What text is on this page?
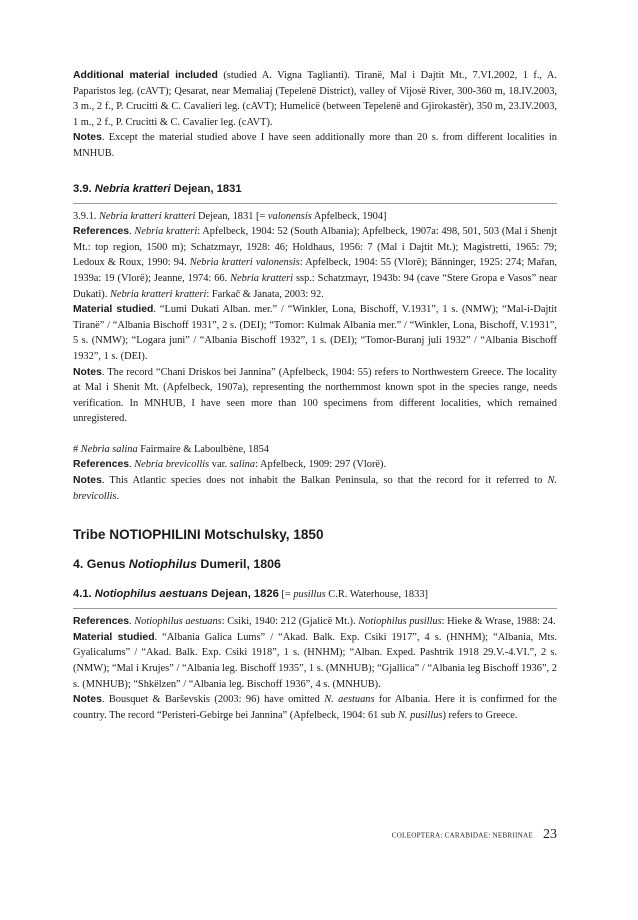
Additional material included (studied A. Vigna Taglianti). Tiranë, Mal i Dajtit Mt., 7.VI.2002, 1 f., A. Paparistos leg. (cAVT); Qesarat, near Memaliaj (Tepelenë District), valley of Vijosë River, 300-360 m, 18.IV.2003, 3 m., 2 f., P. Crucitti & C. Cavalieri leg. (cAVT); Humelicë (between Tepelenë and Gjirokastër), 350 m, 23.IV.2003, 1 m., 2 f., P. Crucitti & C. Cavalier leg. (cAVT).

Notes. Except the material studied above I have seen additionally more than 20 s. from different localities in MNHUB.

3.9. Nebria kratteri Dejean, 1831

3.9.1. Nebria kratteri kratteri Dejean, 1831 [= valonensis Apfelbeck, 1904]

References. Nebria kratteri: Apfelbeck, 1904: 52 (South Albania); Apfelbeck, 1907a: 498, 501, 503 (Mal i Shenjt Mt.: top region, 1500 m); Schatzmayr, 1928: 46; Holdhaus, 1956: 7 (Mal i Dajtit Mt.); Magistretti, 1965: 79; Ledoux & Roux, 1990: 94. Nebria kratteri valonensis: Apfelbeck, 1904: 55 (Vlorë); Bänninger, 1925: 274; Mařan, 1939a: 19 (Vlorë); Jeanne, 1974: 66. Nebria kratteri ssp.: Schatzmayr, 1943b: 94 (cave “Stere Gropa e Vasos” near Dukati). Nebria kratteri kratteri: Farkač & Janata, 2003: 92.

Material studied. “Lumi Dukati Alban. mer.” / “Winkler, Lona, Bischoff, V.1931”, 1 s. (NMW); “Mal-i-Dajtit Tiranë” / “Albania Bischoff 1931”, 2 s. (DEI); “Tomor: Kulmak Albania mer.” / “Winkler, Lona, Bischoff, V.1931”, 5 s. (NMW); “Logara juni” / “Albania Bischoff 1932”, 1 s. (DEI); “Tomor-Buranj juli 1932” / “Albania Bischoff 1932”, 1 s. (DEI).

Notes. The record “Chani Driskos bei Jannina” (Apfelbeck, 1904: 55) refers to Northwestern Greece. The locality at Mal i Shenit Mt. (Apfelbeck, 1907a), representing the northernmost known spot in the species range, needs verification. In MNHUB, I have seen more than 100 specimens from different localities, which remained unregistered.

# Nebria salina Fairmaire & Laboulbène, 1854

References. Nebria brevicollis var. salina: Apfelbeck, 1909: 297 (Vlorë).

Notes. This Atlantic species does not inhabit the Balkan Peninsula, so that the record for it referred to N. brevicollis.

Tribe NOTIOPHILINI Motschulsky, 1850

4. Genus Notiophilus Dumeril, 1806

4.1. Notiophilus aestuans Dejean, 1826 [= pusillus C.R. Waterhouse, 1833]

References. Notiophilus aestuans: Csiki, 1940: 212 (Gjalicë Mt.). Notiophilus pusillus: Hieke & Wrase, 1988: 24.

Material studied. “Albania Galica Lums” / “Akad. Balk. Exp. Csiki 1917”, 4 s. (HNHM); “Albania, Mts. Gyalicalums” / “Akad. Balk. Exp. Csiki 1918”, 1 s. (HNHM); “Alban. Exped. Pashtrik 1918 29.V.-4.VI.”, 2 s. (NMW); “Mal i Krujes” / “Albania leg. Bischoff 1935”, 1 s. (MNHUB); “Gjallica” / “Albania leg Bischoff 1936”, 2 s. (MNHUB); “Shkëlzen” / “Albania leg. Bischoff 1936”, 4 s. (MNHUB).

Notes. Bousquet & Barševskis (2003: 96) have omitted N. aestuans for Albania. Here it is confirmed for the country. The record “Peristeri-Gebirge bei Jannina” (Apfelbeck, 1904: 61 sub N. pusillus) refers to Greece.

COLEOPTERA: CARABIDAE: NEBRIINAE 23
